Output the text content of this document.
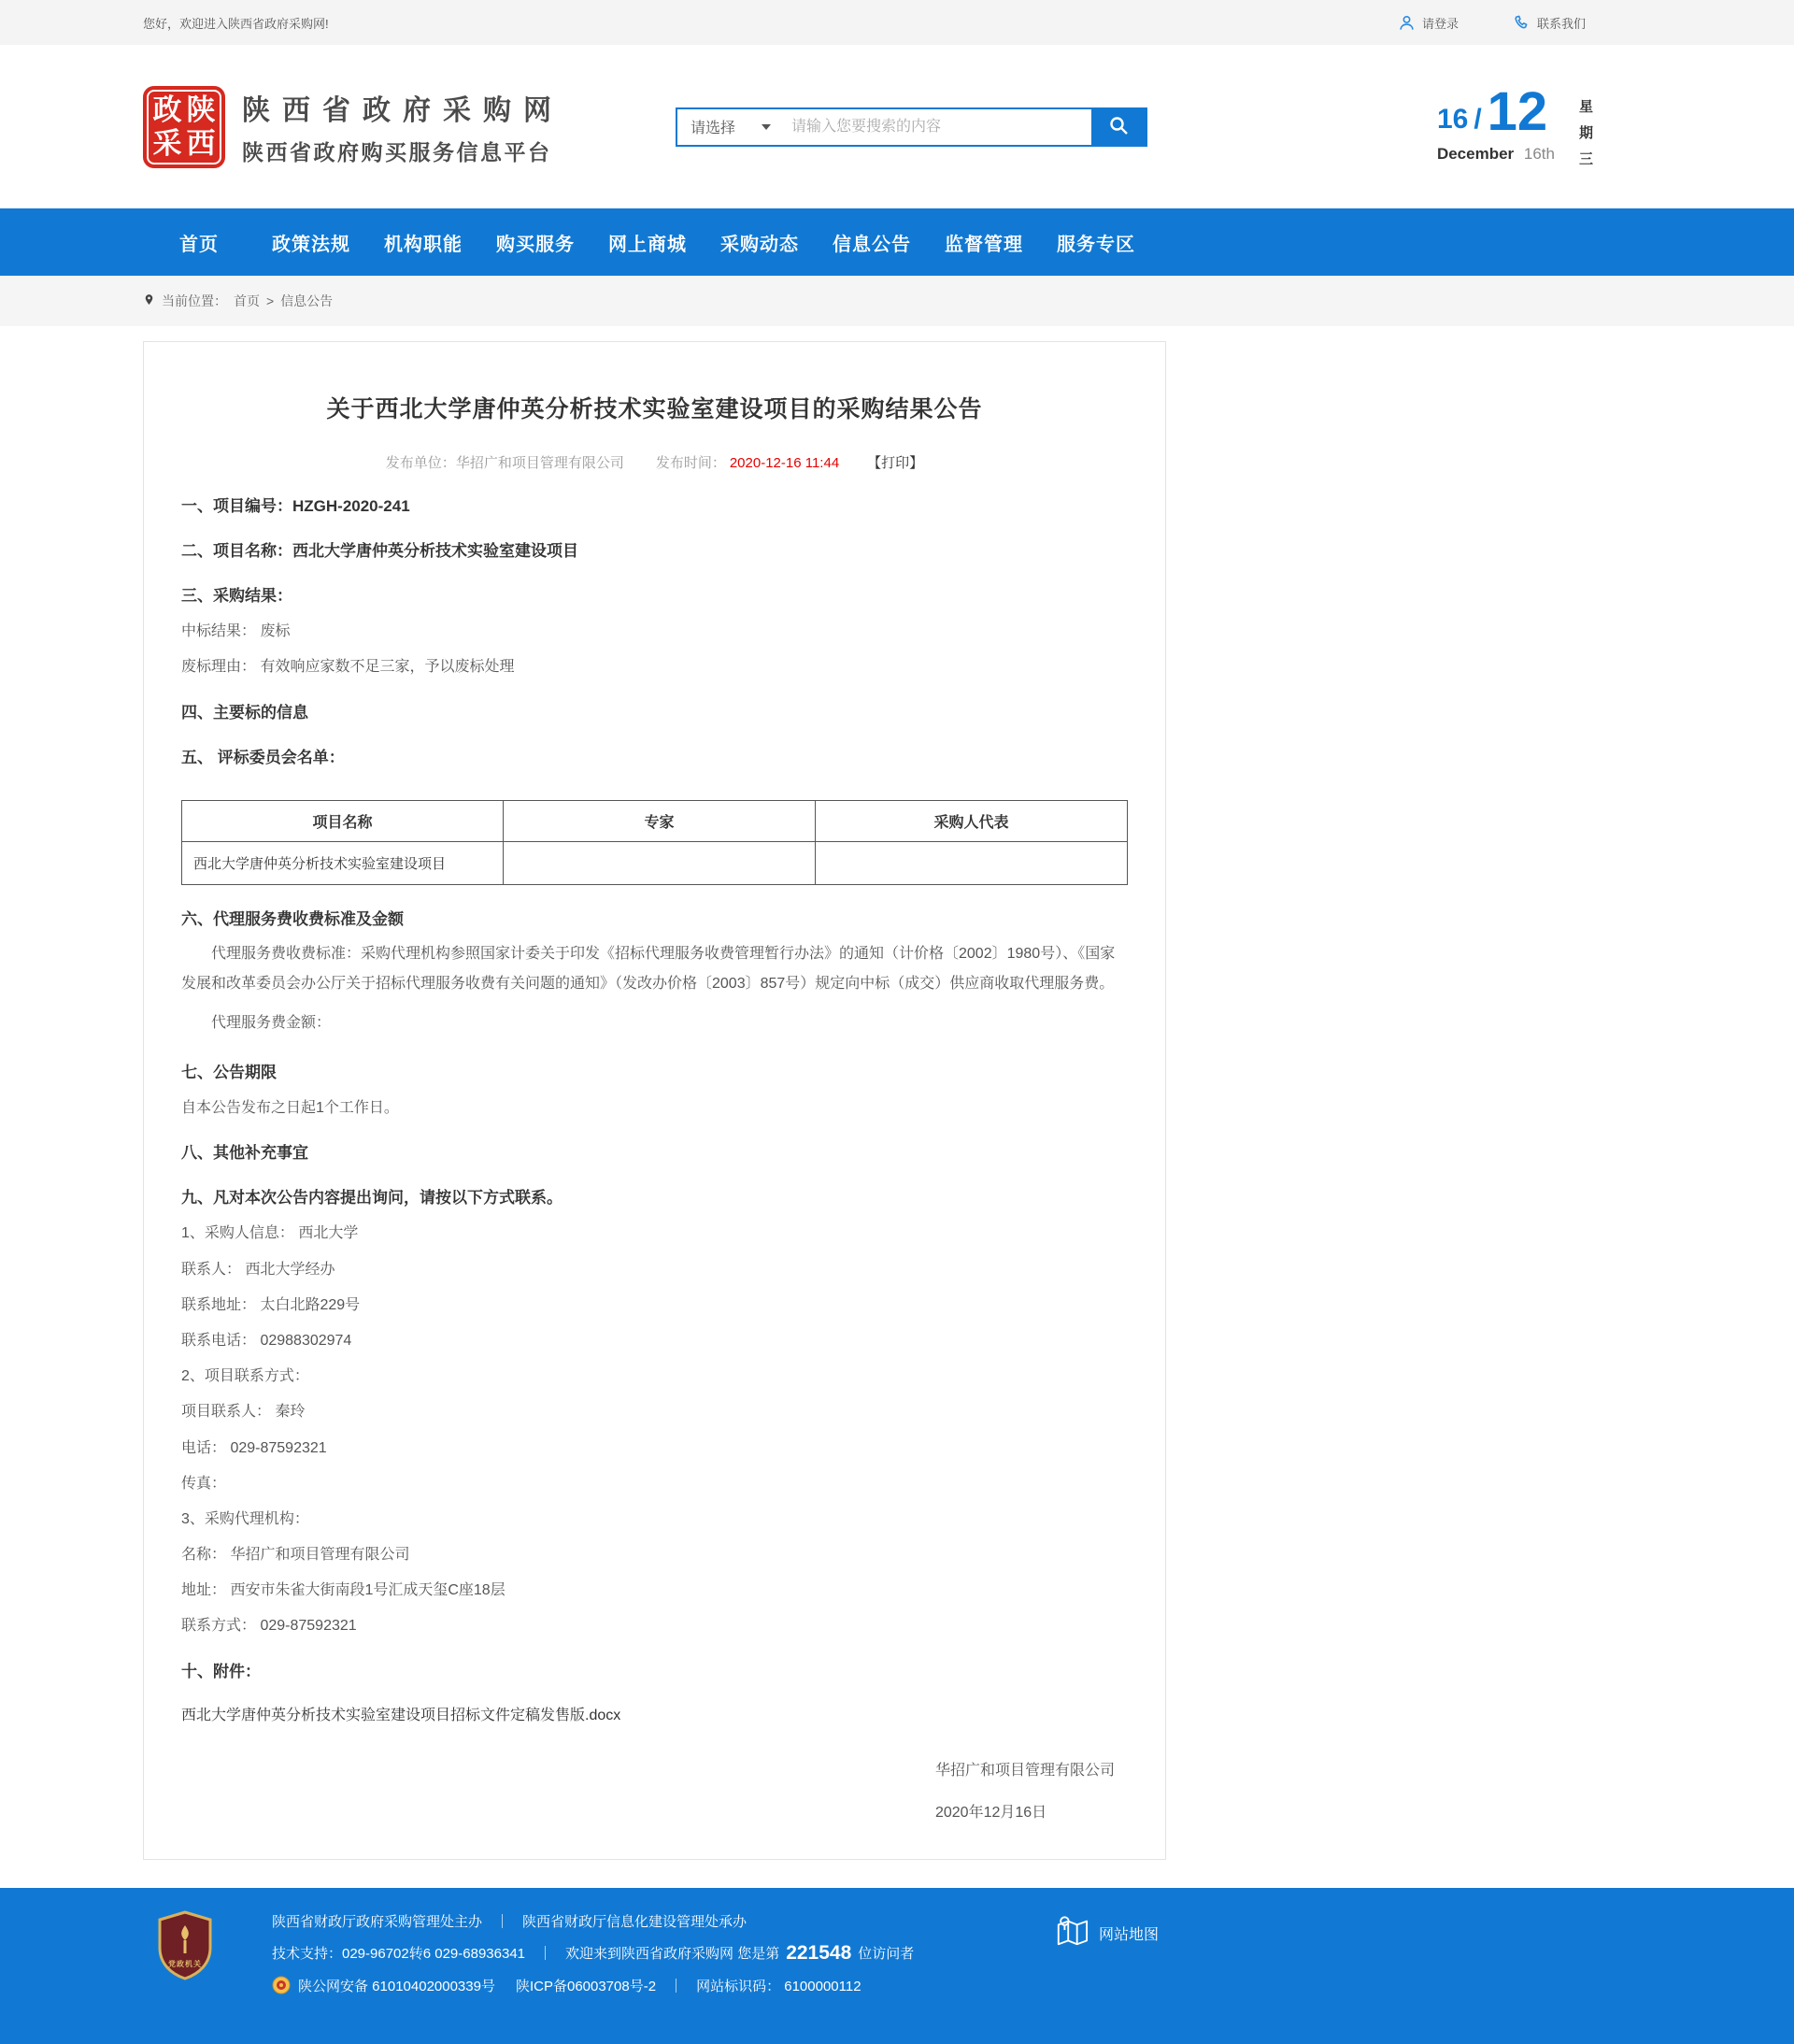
您好，欢迎进入陕西省政府采购网!	请登录	联系我们
政 陕
采 西
陕西省政府采购网
陕西省政府购买服务信息平台
请选择
请输入您要搜索的内容	16 / 12
December 16th
星
期
三
首页	政策法规	机构职能	购买服务	网上商城	采购动态	信息公告	监督管理	服务专区
当前位置： 首页 > 信息公告
关于西北大学唐仲英分析技术实验室建设项目的采购结果公告
发布单位：华招广和项目管理有限公司 发布时间： 2020-12-16 11:44 【打印】
一、项目编号：HZGH-2020-241
二、项目名称：西北大学唐仲英分析技术实验室建设项目
三、采购结果：
中标结果： 废标
废标理由： 有效响应家数不足三家，予以废标处理
四、主要标的信息
五、 评标委员会名单：
项目名称	专家	采购人代表
西北大学唐仲英分析技术实验室建设项目		
六、代理服务费收费标准及金额
代理服务费收费标准：采购代理机构参照国家计委关于印发《招标代理服务收费管理暂行办法》的通知（计价格〔2002〕1980号）、《国家发展和改革委员会办公厅关于招标代理服务收费有关问题的通知》（发改办价格〔2003〕857号）规定向中标（成交）供应商收取代理服务费。
代理服务费金额：
七、公告期限
自本公告发布之日起1个工作日。
八、其他补充事宜
九、凡对本次公告内容提出询问，请按以下方式联系。
1、采购人信息： 西北大学
联系人： 西北大学经办
联系地址： 太白北路229号
联系电话： 02988302974
2、项目联系方式：
项目联系人： 秦玲
电话： 029-87592321
传真：
3、采购代理机构：
名称： 华招广和项目管理有限公司
地址： 西安市朱雀大街南段1号汇成天玺C座18层
联系方式： 029-87592321
十、附件：
西北大学唐仲英分析技术实验室建设项目招标文件定稿发售版.docx
华招广和项目管理有限公司
2020年12月16日
党政机关
陕西省财政厅政府采购管理处主办 ｜ 陕西省财政厅信息化建设管理处承办
技术支持：029-96702转6 029-68936341 ｜ 欢迎来到陕西省政府采购网 您是第 221548 位访问者
陕公网安备 61010402000339号 陕ICP备06003708号-2 ｜ 网站标识码： 6100000112
网站地图
